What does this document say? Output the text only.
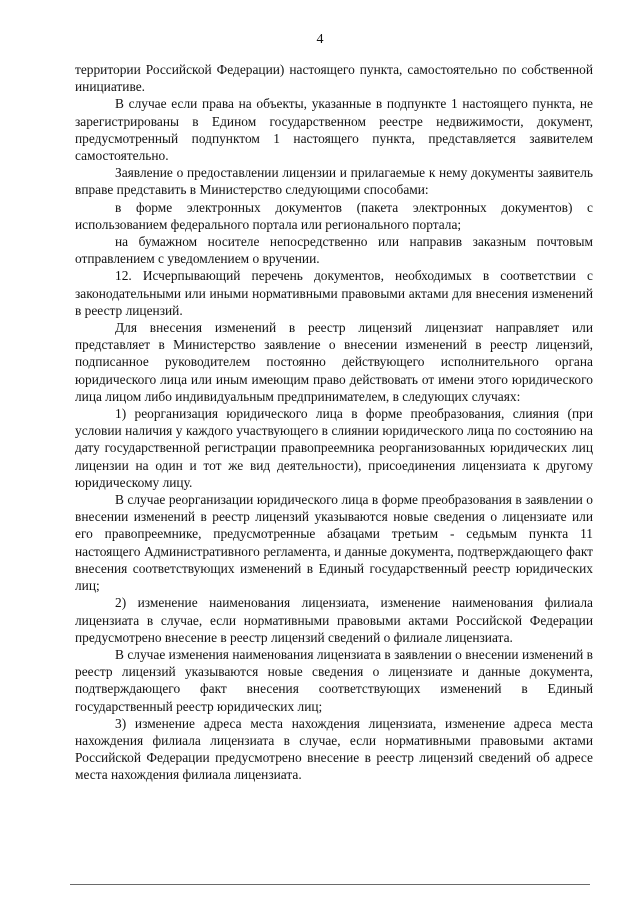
4

территории Российской Федерации) настоящего пункта, самостоятельно по собственной инициативе.

В случае если права на объекты, указанные в подпункте 1 настоящего пункта, не зарегистрированы в Едином государственном реестре недвижимости, документ, предусмотренный подпунктом 1 настоящего пункта, представляется заявителем самостоятельно.

Заявление о предоставлении лицензии и прилагаемые к нему документы заявитель вправе представить в Министерство следующими способами:

в форме электронных документов (пакета электронных документов) с использованием федерального портала или регионального портала;

на бумажном носителе непосредственно или направив заказным почтовым отправлением с уведомлением о вручении.

12. Исчерпывающий перечень документов, необходимых в соответствии с законодательными или иными нормативными правовыми актами для внесения изменений в реестр лицензий.

Для внесения изменений в реестр лицензий лицензиат направляет или представляет в Министерство заявление о внесении изменений в реестр лицензий, подписанное руководителем постоянно действующего исполнительного органа юридического лица или иным имеющим право действовать от имени этого юридического лица лицом либо индивидуальным предпринимателем, в следующих случаях:

1) реорганизация юридического лица в форме преобразования, слияния (при условии наличия у каждого участвующего в слиянии юридического лица по состоянию на дату государственной регистрации правопреемника реорганизованных юридических лиц лицензии на один и тот же вид деятельности), присоединения лицензиата к другому юридическому лицу.

В случае реорганизации юридического лица в форме преобразования в заявлении о внесении изменений в реестр лицензий указываются новые сведения о лицензиате или его правопреемнике, предусмотренные абзацами третьим - седьмым пункта 11 настоящего Административного регламента, и данные документа, подтверждающего факт внесения соответствующих изменений в Единый государственный реестр юридических лиц;

2) изменение наименования лицензиата, изменение наименования филиала лицензиата в случае, если нормативными правовыми актами Российской Федерации предусмотрено внесение в реестр лицензий сведений о филиале лицензиата.

В случае изменения наименования лицензиата в заявлении о внесении изменений в реестр лицензий указываются новые сведения о лицензиате и данные документа, подтверждающего факт внесения соответствующих изменений в Единый государственный реестр юридических лиц;

3) изменение адреса места нахождения лицензиата, изменение адреса места нахождения филиала лицензиата в случае, если нормативными правовыми актами Российской Федерации предусмотрено внесение в реестр лицензий сведений об адресе места нахождения филиала лицензиата.
